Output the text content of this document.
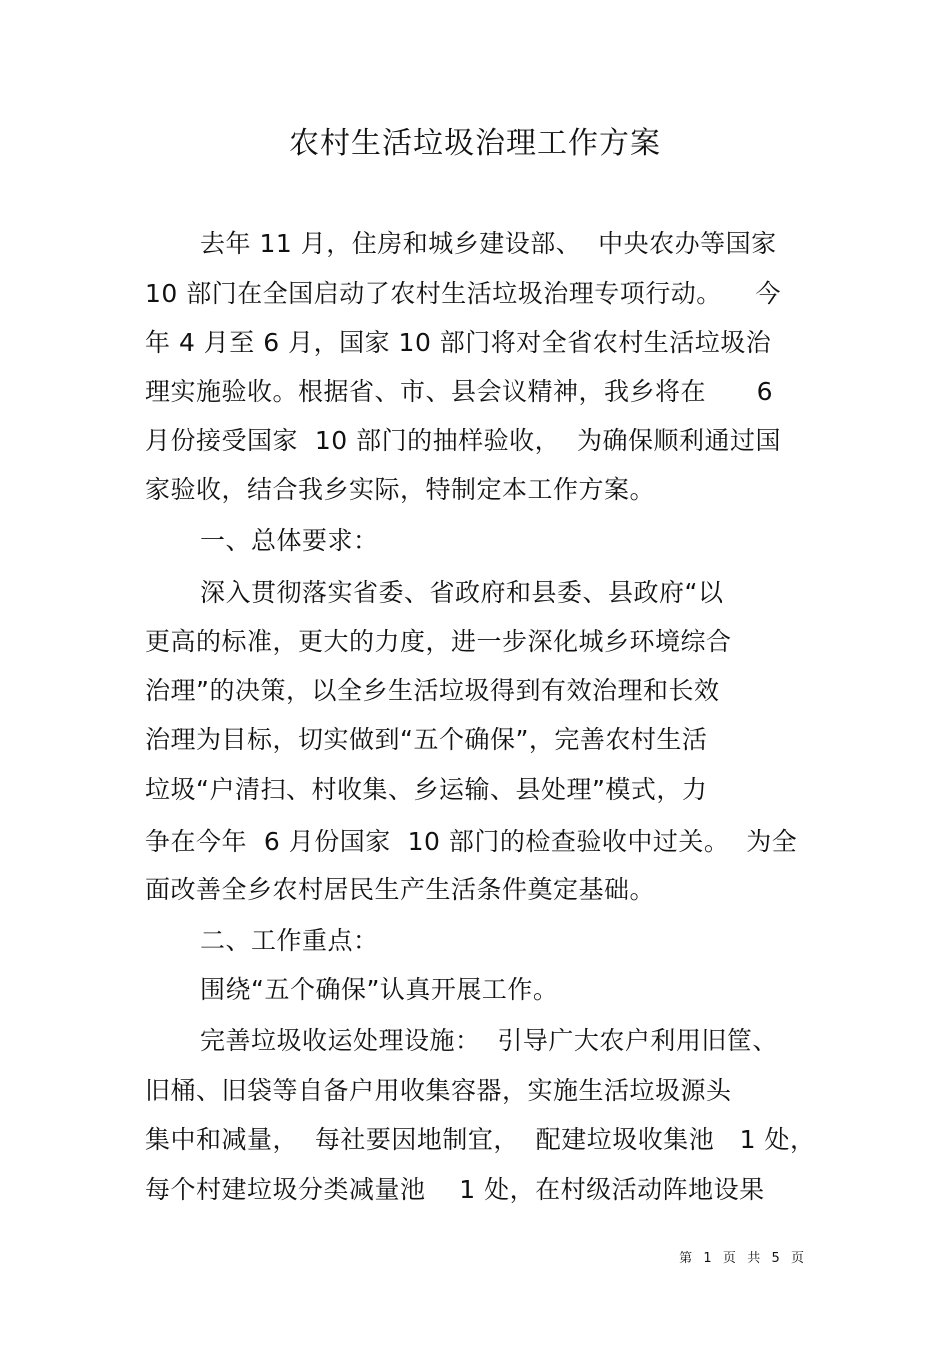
农村生活垃圾治理工作方案
去年 11 月，住房和城乡建设部、  中央农办等国家
10 部门在全国启动了农村生活垃圾治理专项行动。    今
年 4 月至 6 月，国家 10 部门将对全省农村生活垃圾治
理实施验收。根据省、市、县会议精神，我乡将在      6
月份接受国家  10 部门的抽样验收，  为确保顺利通过国
家验收，结合我乡实际，特制定本工作方案。
一、总体要求：
深入贯彻落实省委、省政府和县委、县政府“以
更高的标准，更大的力度，进一步深化城乡环境综合
治理”的决策，以全乡生活垃圾得到有效治理和长效
治理为目标，切实做到“五个确保”，完善农村生活
垃圾“户清扫、村收集、乡运输、县处理”模式，力
争在今年  6 月份国家  10 部门的检查验收中过关。  为全
面改善全乡农村居民生产生活条件奠定基础。
二、工作重点：
围绕“五个确保”认真开展工作。
完善垃圾收运处理设施：  引导广大农户利用旧筐、
旧桶、旧袋等自备户用收集容器，实施生活垃圾源头
集中和减量，  每社要因地制宜，  配建垃圾收集池   1 处，
每个村建垃圾分类减量池    1 处，在村级活动阵地设果
第  1  页  共  5  页
